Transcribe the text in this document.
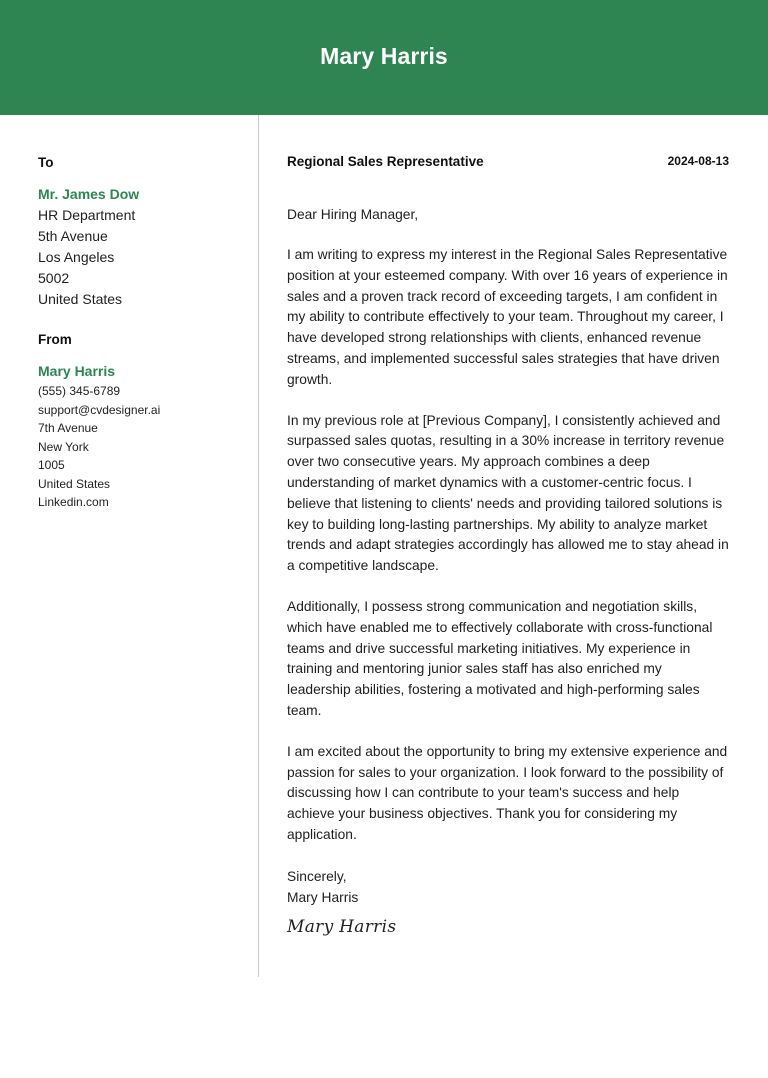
Mary Harris
To
Mr. James Dow
HR Department
5th Avenue
Los Angeles
5002
United States
From
Mary Harris
(555) 345-6789
support@cvdesigner.ai
7th Avenue
New York
1005
United States
Linkedin.com
Regional Sales Representative	2024-08-13
Dear Hiring Manager,
I am writing to express my interest in the Regional Sales Representative position at your esteemed company. With over 16 years of experience in sales and a proven track record of exceeding targets, I am confident in my ability to contribute effectively to your team. Throughout my career, I have developed strong relationships with clients, enhanced revenue streams, and implemented successful sales strategies that have driven growth.
In my previous role at [Previous Company], I consistently achieved and surpassed sales quotas, resulting in a 30% increase in territory revenue over two consecutive years. My approach combines a deep understanding of market dynamics with a customer-centric focus. I believe that listening to clients' needs and providing tailored solutions is key to building long-lasting partnerships. My ability to analyze market trends and adapt strategies accordingly has allowed me to stay ahead in a competitive landscape.
Additionally, I possess strong communication and negotiation skills, which have enabled me to effectively collaborate with cross-functional teams and drive successful marketing initiatives. My experience in training and mentoring junior sales staff has also enriched my leadership abilities, fostering a motivated and high-performing sales team.
I am excited about the opportunity to bring my extensive experience and passion for sales to your organization. I look forward to the possibility of discussing how I can contribute to your team's success and help achieve your business objectives. Thank you for considering my application.
Sincerely,
Mary Harris
Mary Harris
